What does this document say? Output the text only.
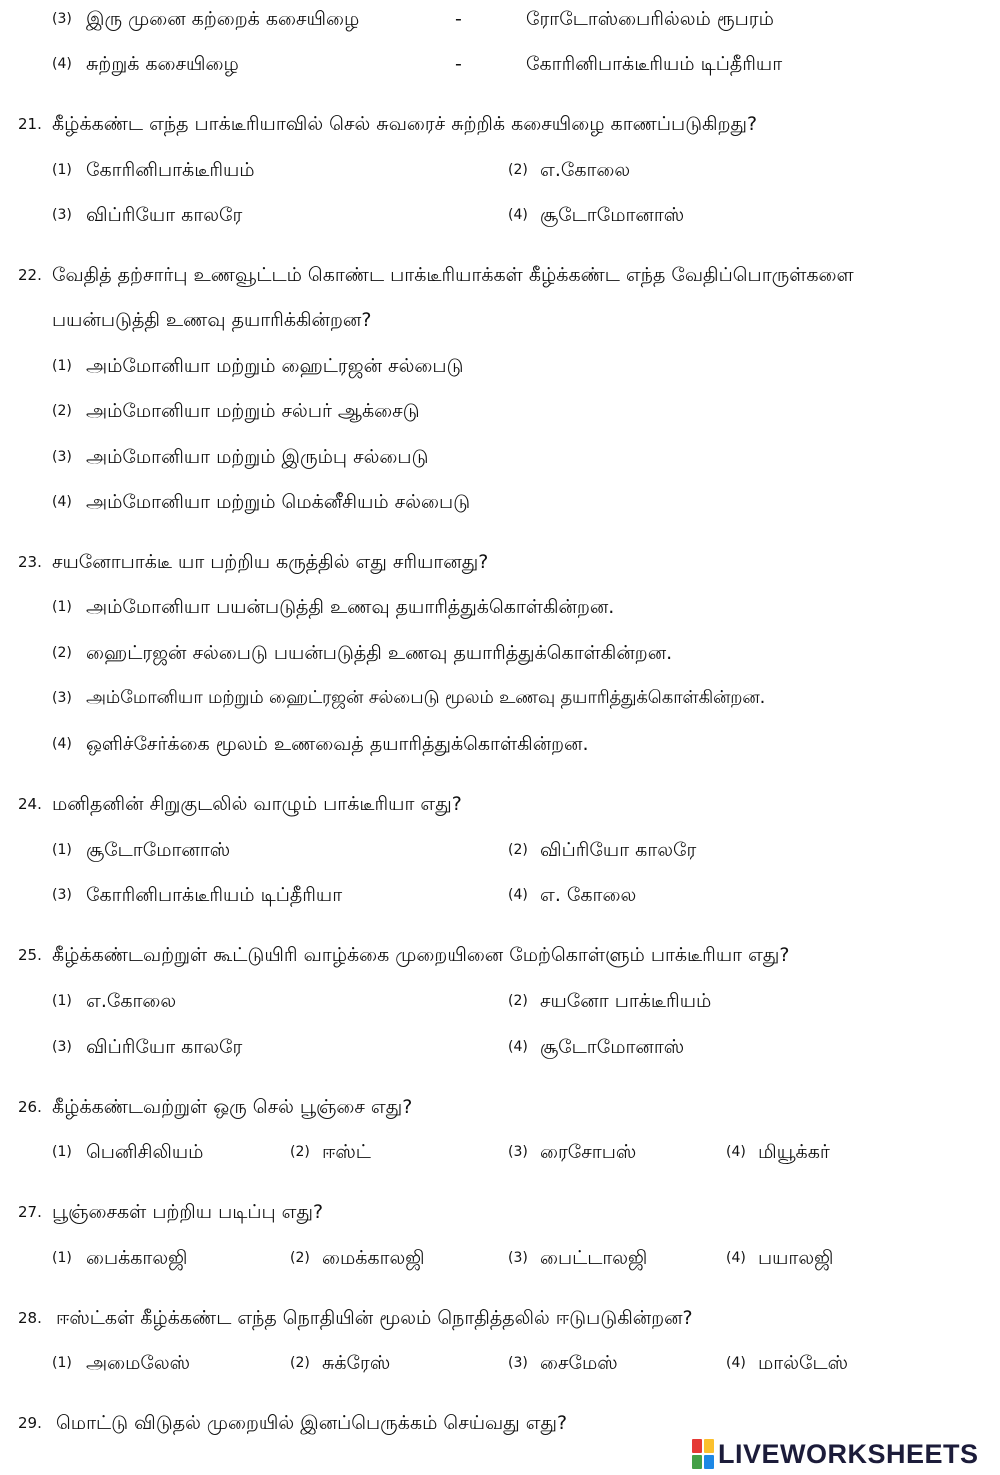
(3) இரு முனை கற்றைக் கசையிழை	-	ரோடோஸ்பைரில்லம் ரூபரம்
(4) சுற்றுக் கசையிழை	-	கோரினிபாக்டீரியம் டிப்தீரியா
21. கீழ்க்கண்ட எந்த பாக்டீரியாவில் செல் சுவரைச் சுற்றிக் கசையிழை காணப்படுகிறது?
(1) கோரினிபாக்டீரியம்	(2) எ.கோலை
(3) விப்ரியோ காலரே	(4) சூடோமோனாஸ்
22. வேதித் தற்சார்பு உணவூட்டம் கொண்ட பாக்டீரியாக்கள் கீழ்க்கண்ட எந்த வேதிப்பொருள்களை
பயன்படுத்தி உணவு தயாரிக்கின்றன?
(1) அம்மோனியா மற்றும் ஹைட்ரஜன் சல்பைடு
(2) அம்மோனியா மற்றும் சல்பர் ஆக்சைடு
(3) அம்மோனியா மற்றும் இரும்பு சல்பைடு
(4) அம்மோனியா மற்றும் மெக்னீசியம் சல்பைடு
23. சயனோபாக்டீ யா பற்றிய கருத்தில் எது சரியானது?
(1) அம்மோனியா பயன்படுத்தி உணவு தயாரித்துக்கொள்கின்றன.
(2) ஹைட்ரஜன் சல்பைடு பயன்படுத்தி உணவு தயாரித்துக்கொள்கின்றன.
(3) அம்மோனியா மற்றும் ஹைட்ரஜன் சல்பைடு மூலம் உணவு தயாரித்துக்கொள்கின்றன.
(4) ஒளிச்சேர்க்கை மூலம் உணவைத் தயாரித்துக்கொள்கின்றன.
24. மனிதனின் சிறுகுடலில் வாழும் பாக்டீரியா எது?
(1) சூடோமோனாஸ்	(2) விப்ரியோ காலரே
(3) கோரினிபாக்டீரியம் டிப்தீரியா	(4) எ. கோலை
25. கீழ்க்கண்டவற்றுள் கூட்டுயிரி வாழ்க்கை முறையினை மேற்கொள்ளும் பாக்டீரியா எது?
(1) எ.கோலை	(2) சயனோ பாக்டீரியம்
(3) விப்ரியோ காலரே	(4) சூடோமோனாஸ்
26. கீழ்க்கண்டவற்றுள் ஒரு செல் பூஞ்சை எது?
(1) பெனிசிலியம்	(2) ஈஸ்ட்	(3) ரைசோபஸ்	(4) மியூக்கர்
27. பூஞ்சைகள் பற்றிய படிப்பு எது?
(1) பைக்காலஜி	(2) மைக்காலஜி	(3) பைட்டாலஜி	(4) பயாலஜி
28. ஈஸ்ட்கள் கீழ்க்கண்ட எந்த நொதியின் மூலம் நொதித்தலில் ஈடுபடுகின்றன?
(1) அமைலேஸ்	(2) சுக்ரேஸ்	(3) சைமேஸ்	(4) மால்டேஸ்
29. மொட்டு விடுதல் முறையில் இனப்பெருக்கம் செய்வது எது?
LIVEWORKSHEETS
